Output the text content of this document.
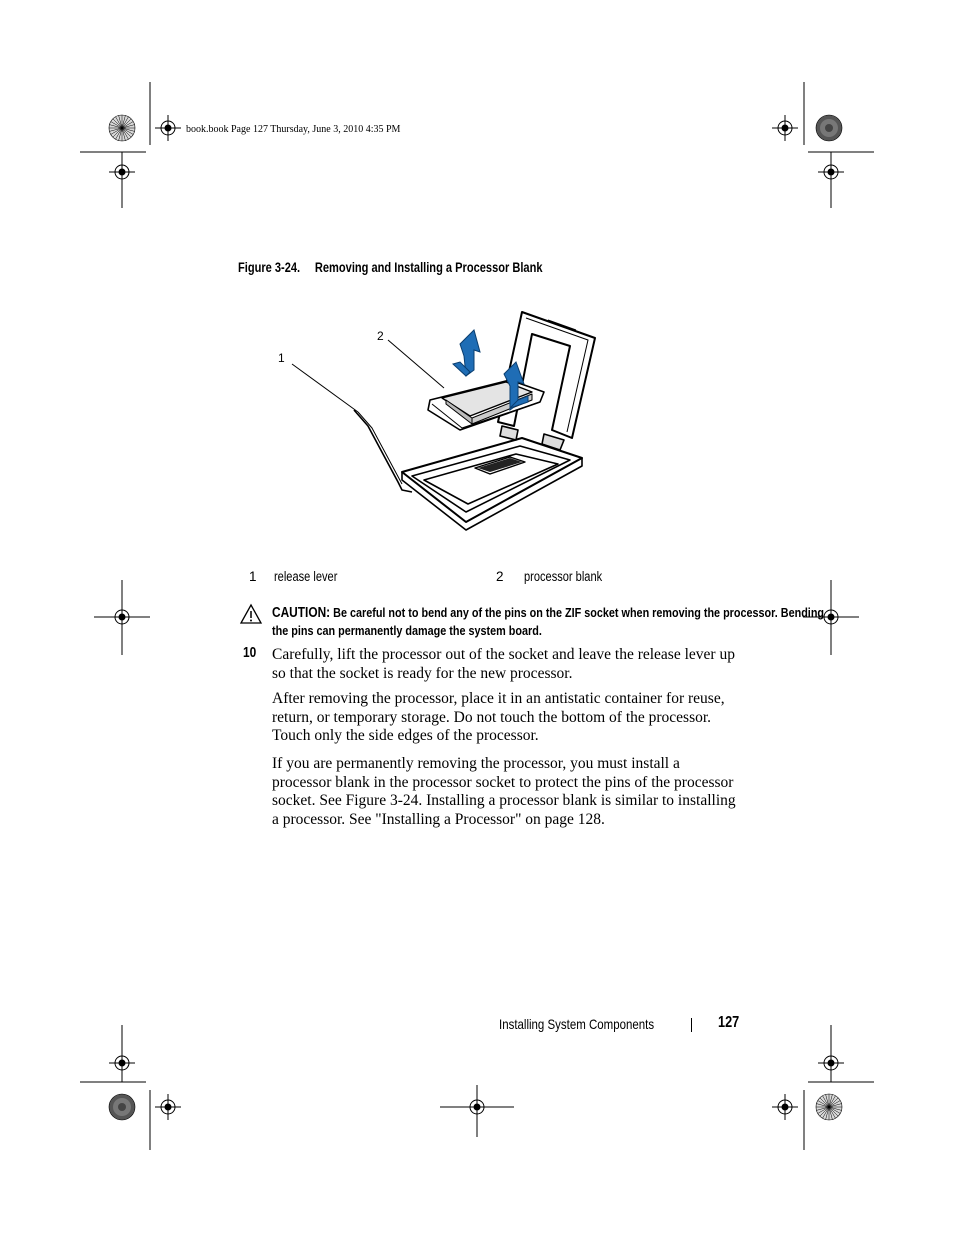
book.book Page 127 Thursday, June 3, 2010 4:35 PM
Figure 3-24. Removing and Installing a Processor Blank
1
2
1 release lever	2 processor blank
CAUTION: Be careful not to bend any of the pins on the ZIF socket when removing the processor. Bending the pins can permanently damage the system board.
10 Carefully, lift the processor out of the socket and leave the release lever up so that the socket is ready for the new processor.
After removing the processor, place it in an antistatic container for reuse, return, or temporary storage. Do not touch the bottom of the processor. Touch only the side edges of the processor.
If you are permanently removing the processor, you must install a processor blank in the processor socket to protect the pins of the processor socket. See Figure 3-24. Installing a processor blank is similar to installing a processor. See "Installing a Processor" on page 128.
Installing System Components	127
